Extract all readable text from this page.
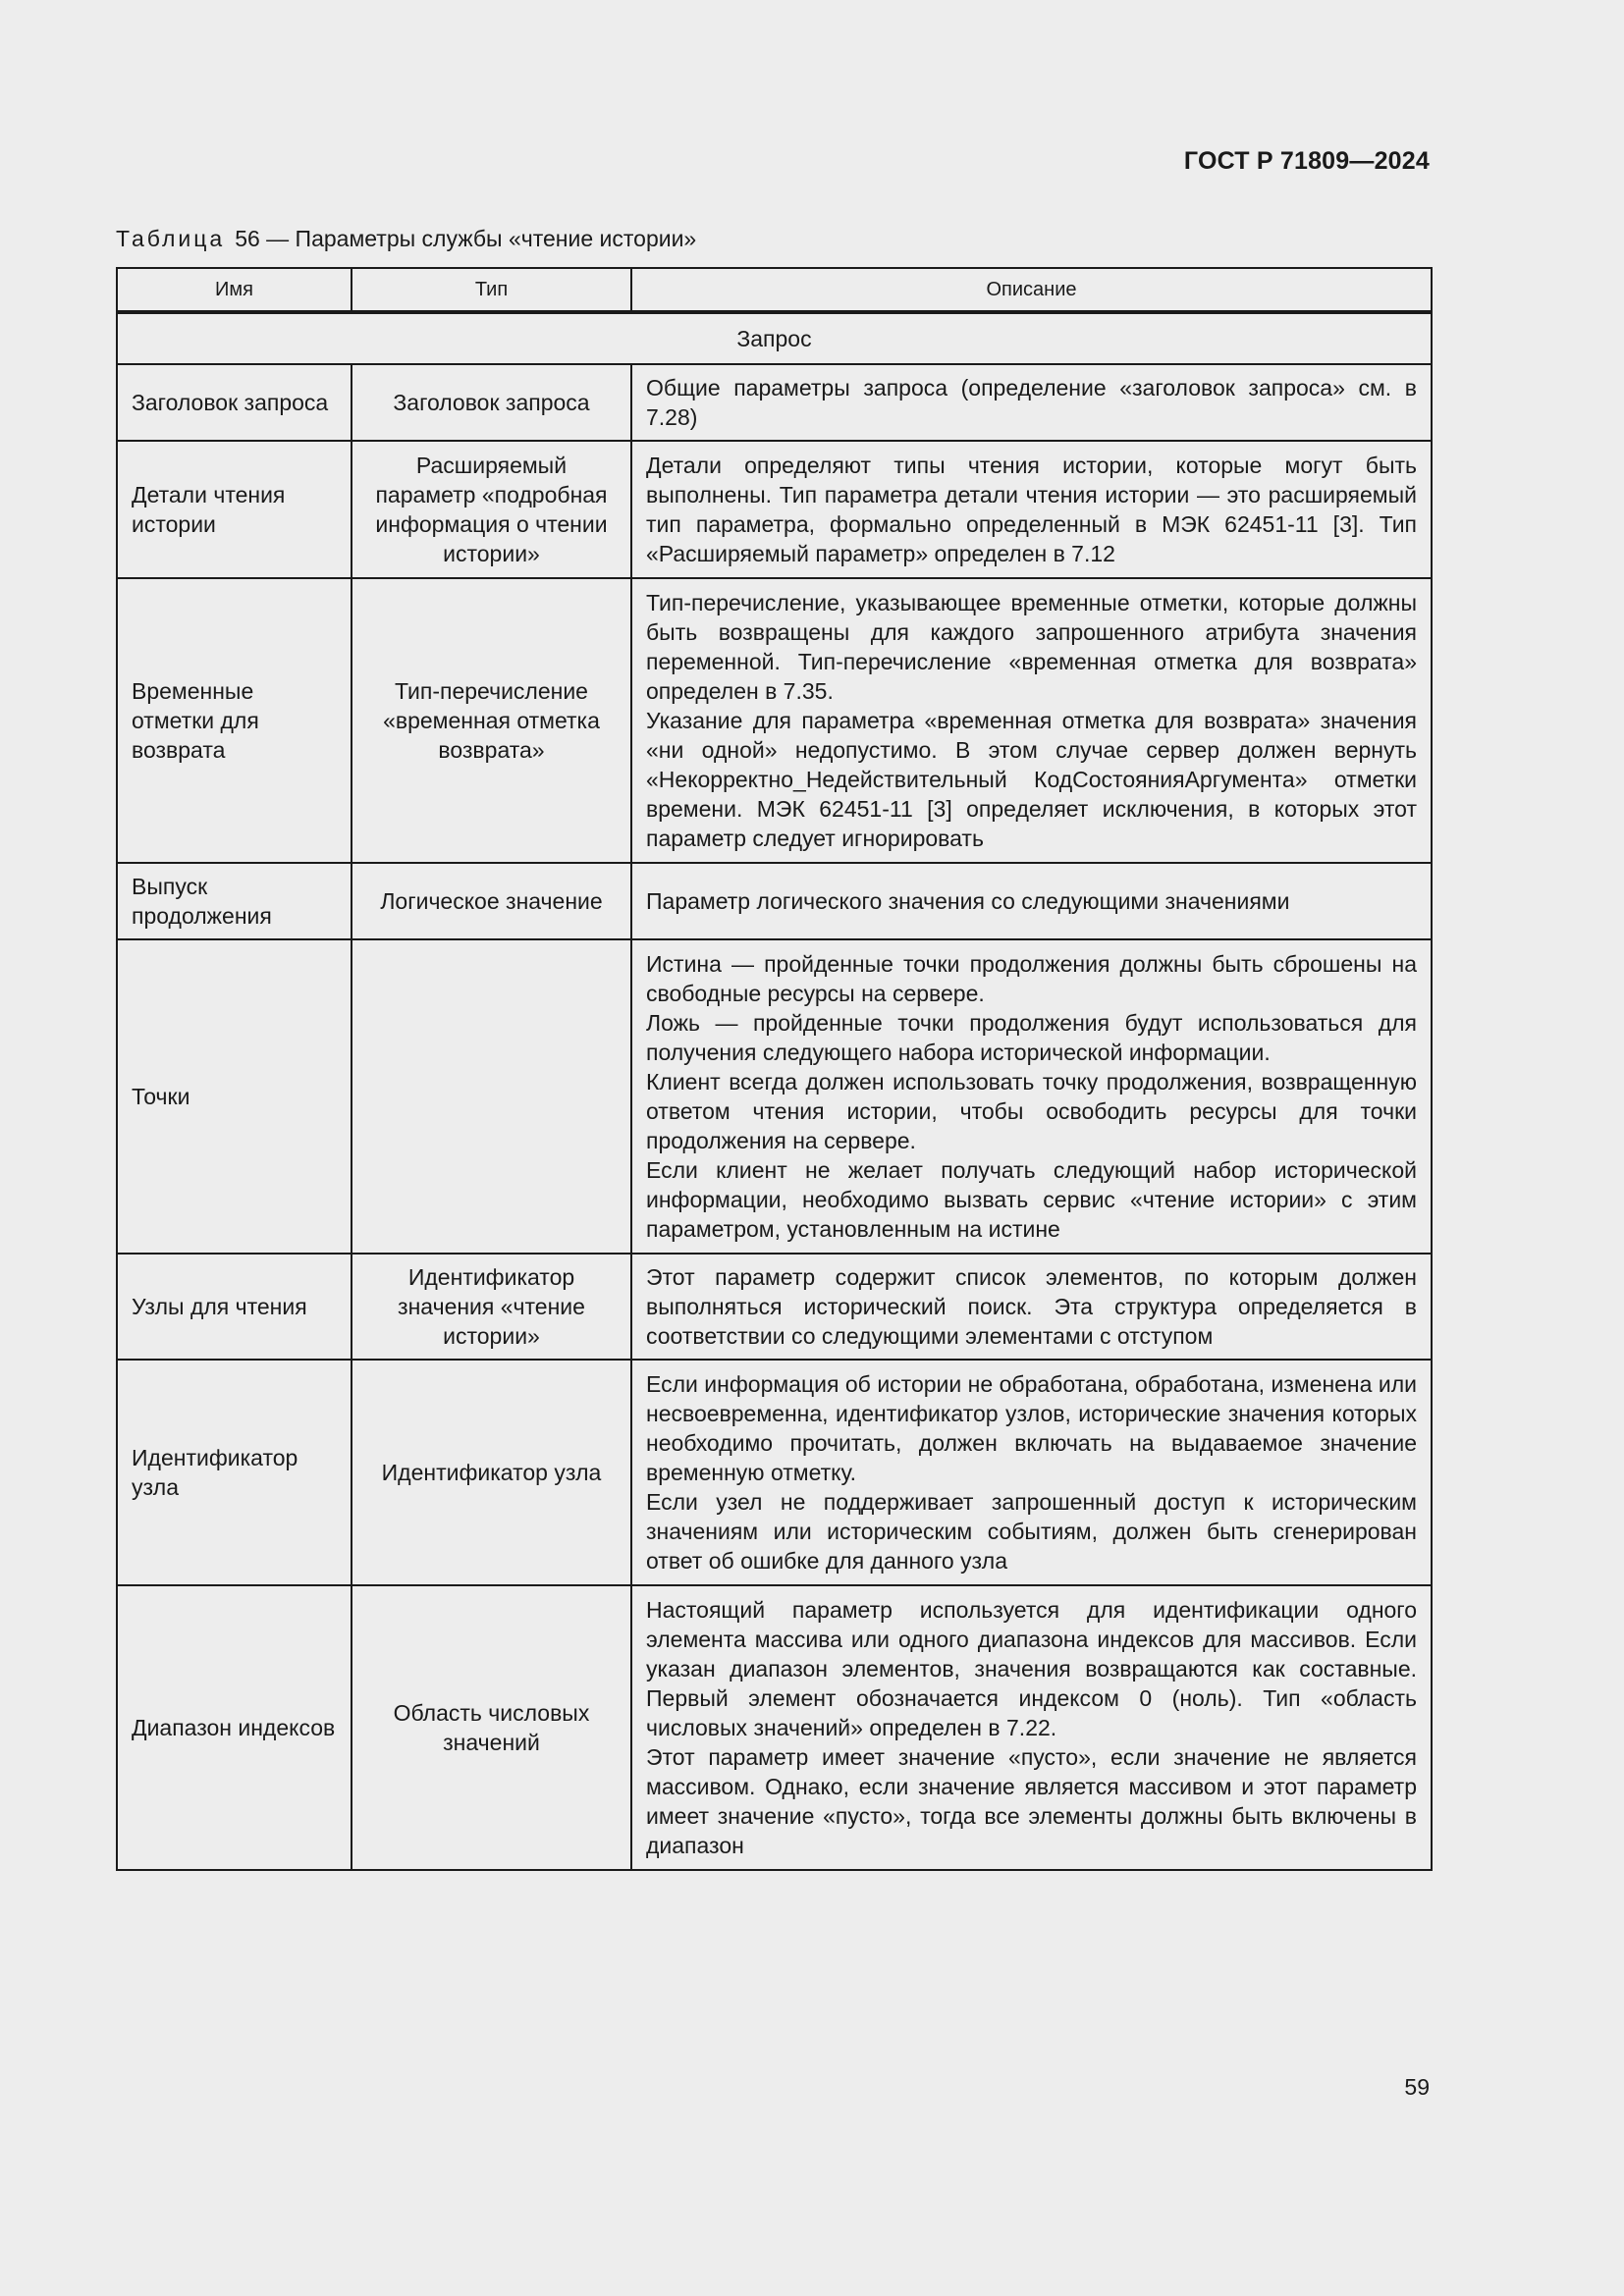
ГОСТ Р 71809—2024
Таблица 56 — Параметры службы «чтение истории»
Имя	Тип	Описание
Запрос		
Заголовок запроса	Заголовок запроса	Общие параметры запроса (определение «заголовок запроса» см. в 7.28)

Детали чтения истории	Расширяемый параметр «подробная информация о чтении истории»	Детали определяют типы чтения истории, которые могут быть выполнены. Тип параметра детали чтения истории — это расширяемый тип параметра, формально определенный в МЭК 62451-11 [3]. Тип «Расширяемый параметр» определен в 7.12

Временные отметки для возврата	Тип-перечисление «временная отметка возврата»	Тип-перечисление, указывающее временные отметки, которые должны быть возвращены для каждого запрошенного атрибута значения переменной. Тип-перечисление «временная отметка для возврата» определен в 7.35.
Указание для параметра «временная отметка для возврата» значения «ни одной» недопустимо. В этом случае сервер должен вернуть «Некорректно_Недействительный КодСостоянияАргумента» отметки времени. МЭК 62451-11 [3] определяет исключения, в которых этот параметр следует игнорировать

Выпуск продолжения	Логическое значение	Параметр логического значения со следующими значениями

Точки		Истина — пройденные точки продолжения должны быть сброшены на свободные ресурсы на сервере.
Ложь — пройденные точки продолжения будут использоваться для получения следующего набора исторической информации.
Клиент всегда должен использовать точку продолжения, возвращенную ответом чтения истории, чтобы освободить ресурсы для точки продолжения на сервере.
Если клиент не желает получать следующий набор исторической информации, необходимо вызвать сервис «чтение истории» с этим параметром, установленным на истине

Узлы для чтения	Идентификатор значения «чтение истории»	Этот параметр содержит список элементов, по которым должен выполняться исторический поиск. Эта структура определяется в соответствии со следующими элементами с отступом

Идентификатор узла	Идентификатор узла	Если информация об истории не обработана, обработана, изменена или несвоевременна, идентификатор узлов, исторические значения которых необходимо прочитать, должен включать на выдаваемое значение временную отметку.
Если узел не поддерживает запрошенный доступ к историческим значениям или историческим событиям, должен быть сгенерирован ответ об ошибке для данного узла

Диапазон индексов	Область числовых значений	Настоящий параметр используется для идентификации одного элемента массива или одного диапазона индексов для массивов. Если указан диапазон элементов, значения возвращаются как составные. Первый элемент обозначается индексом 0 (ноль). Тип «область числовых значений» определен в 7.22.
Этот параметр имеет значение «пусто», если значение не является массивом. Однако, если значение является массивом и этот параметр имеет значение «пусто», тогда все элементы должны быть включены в диапазон
59
